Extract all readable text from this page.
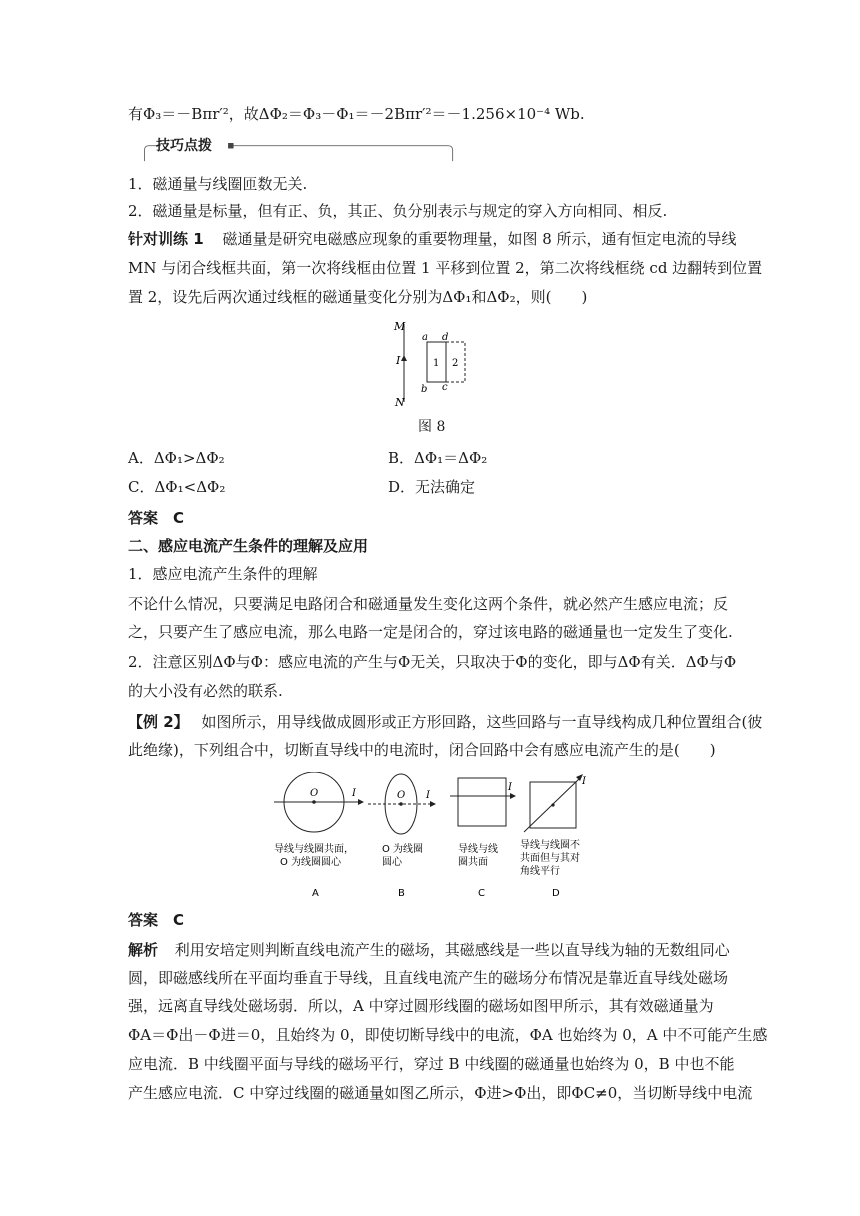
有Φ₃＝－Bπr′²，故ΔΦ₂＝Φ₃－Φ₁＝－2Bπr′²＝－1.256×10⁻⁴ Wb.
技巧点拨
1．磁通量与线圈匝数无关.
2．磁通量是标量，但有正、负，其正、负分别表示与规定的穿入方向相同、相反.
针对训练 1 磁通量是研究电磁感应现象的重要物理量，如图 8 所示，通有恒定电流的导线
MN 与闭合线框共面，第一次将线框由位置 1 平移到位置 2，第二次将线框绕 cd 边翻转到位置
置 2，设先后两次通过线框的磁通量变化分别为ΔΦ₁和ΔΦ₂，则(　　)
M
I
N
a d
b c
1 2
图 8
A．ΔΦ₁>ΔΦ₂	B．ΔΦ₁＝ΔΦ₂
C．ΔΦ₁<ΔΦ₂	D．无法确定
答案　C
二、感应电流产生条件的理解及应用
1．感应电流产生条件的理解
不论什么情况，只要满足电路闭合和磁通量发生变化这两个条件，就必然产生感应电流；反
之，只要产生了感应电流，那么电路一定是闭合的，穿过该电路的磁通量也一定发生了变化.
2．注意区别ΔΦ与Φ：感应电流的产生与Φ无关，只取决于Φ的变化，即与ΔΦ有关．ΔΦ与Φ
的大小没有必然的联系.
【例 2】 如图所示，用导线做成圆形或正方形回路，这些回路与一直导线构成几种位置组合(彼
此绝缘)，下列组合中，切断直导线中的电流时，闭合回路中会有感应电流产生的是(　　)
O	I
导线与线圈共面，
O 为线圈圆心
A
O I
O 为线圈
圆心
B
I
导线与线
圈共面
C
I
导线与线圈不
共面但与其对
角线平行
D
答案　C
解析 利用安培定则判断直线电流产生的磁场，其磁感线是一些以直导线为轴的无数组同心
圆，即磁感线所在平面均垂直于导线，且直线电流产生的磁场分布情况是靠近直导线处磁场
强，远离直导线处磁场弱．所以，A 中穿过圆形线圈的磁场如图甲所示，其有效磁通量为
ΦA＝Φ出－Φ进＝0，且始终为 0，即使切断导线中的电流，ΦA 也始终为 0，A 中不可能产生感
应电流．B 中线圈平面与导线的磁场平行，穿过 B 中线圈的磁通量也始终为 0，B 中也不能
产生感应电流．C 中穿过线圈的磁通量如图乙所示，Φ进>Φ出，即ΦC≠0，当切断导线中电流
